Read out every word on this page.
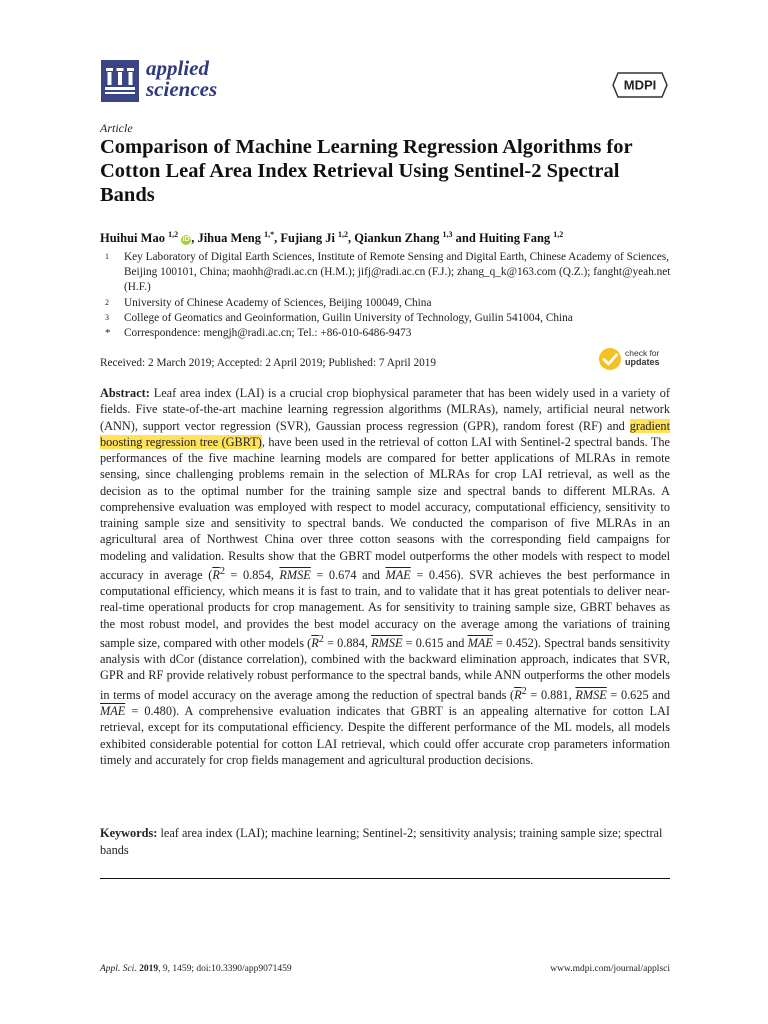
applied
sciences	MDPI
Article
Comparison of Machine Learning Regression Algorithms for Cotton Leaf Area Index Retrieval Using Sentinel-2 Spectral Bands
Huihui Mao $^{1,2}$ iD , Jihua Meng $^{1,*}$, Fujiang Ji $^{1,2}$, Qiankun Zhang $^{1,3}$ and Huiting Fang $^{1,2}$
1 Key Laboratory of Digital Earth Sciences, Institute of Remote Sensing and Digital Earth, Chinese Academy of Sciences, Beijing 100101, China; maohh@radi.ac.cn (H.M.); jifj@radi.ac.cn (F.J.); zhang_q_k@163.com (Q.Z.); fanght@yeah.net (H.F.)
2 University of Chinese Academy of Sciences, Beijing 100049, China
3 College of Geomatics and Geoinformation, Guilin University of Technology, Guilin 541004, China
* Correspondence: mengjh@radi.ac.cn; Tel.: +86-010-6486-9473
Received: 2 March 2019; Accepted: 2 April 2019; Published: 7 April 2019
check for
updates
Abstract: Leaf area index (LAI) is a crucial crop biophysical parameter that has been widely used in a variety of fields. Five state-of-the-art machine learning regression algorithms (MLRAs), namely, artificial neural network (ANN), support vector regression (SVR), Gaussian process regression (GPR), random forest (RF) and gradient boosting regression tree (GBRT), have been used in the retrieval of cotton LAI with Sentinel-2 spectral bands. The performances of the five machine learning models are compared for better applications of MLRAs in remote sensing, since challenging problems remain in the selection of MLRAs for crop LAI retrieval, as well as the decision as to the optimal number for the training sample size and spectral bands to different MLRAs. A comprehensive evaluation was employed with respect to model accuracy, computational efficiency, sensitivity to training sample size and sensitivity to spectral bands. We conducted the comparison of five MLRAs in an agricultural area of Northwest China over three cotton seasons with the corresponding field campaigns for modeling and validation. Results show that the GBRT model outperforms the other models with respect to model accuracy in average ($\overline{R}^2 = 0.854$, RMSE = 0.674 and $\overline{MAE} = 0.456$). SVR achieves the best performance in computational efficiency, which means it is fast to train, and to validate that it has great potentials to deliver near-real-time operational products for crop management. As for sensitivity to training sample size, GBRT behaves as the most robust model, and provides the best model accuracy on the average among the variations of training sample size, compared with other models ($\overline{R}^2 = 0.884$, RMSE = 0.615 and $\overline{MAE} = 0.452$). Spectral bands sensitivity analysis with dCor (distance correlation), combined with the backward elimination approach, indicates that SVR, GPR and RF provide relatively robust performance to the spectral bands, while ANN outperforms the other models in terms of model accuracy on the average among the reduction of spectral bands ($\overline{R}^2 = 0.881$, RMSE = 0.625 and $\overline{MAE} = 0.480$). A comprehensive evaluation indicates that GBRT is an appealing alternative for cotton LAI retrieval, except for its computational efficiency. Despite the different performance of the ML models, all models exhibited considerable potential for cotton LAI retrieval, which could offer accurate crop parameters information timely and accurately for crop fields management and agricultural production decisions.
Keywords: leaf area index (LAI); machine learning; Sentinel-2; sensitivity analysis; training sample size; spectral bands
Appl. Sci. 2019, 9, 1459; doi:10.3390/app9071459	www.mdpi.com/journal/applsci
